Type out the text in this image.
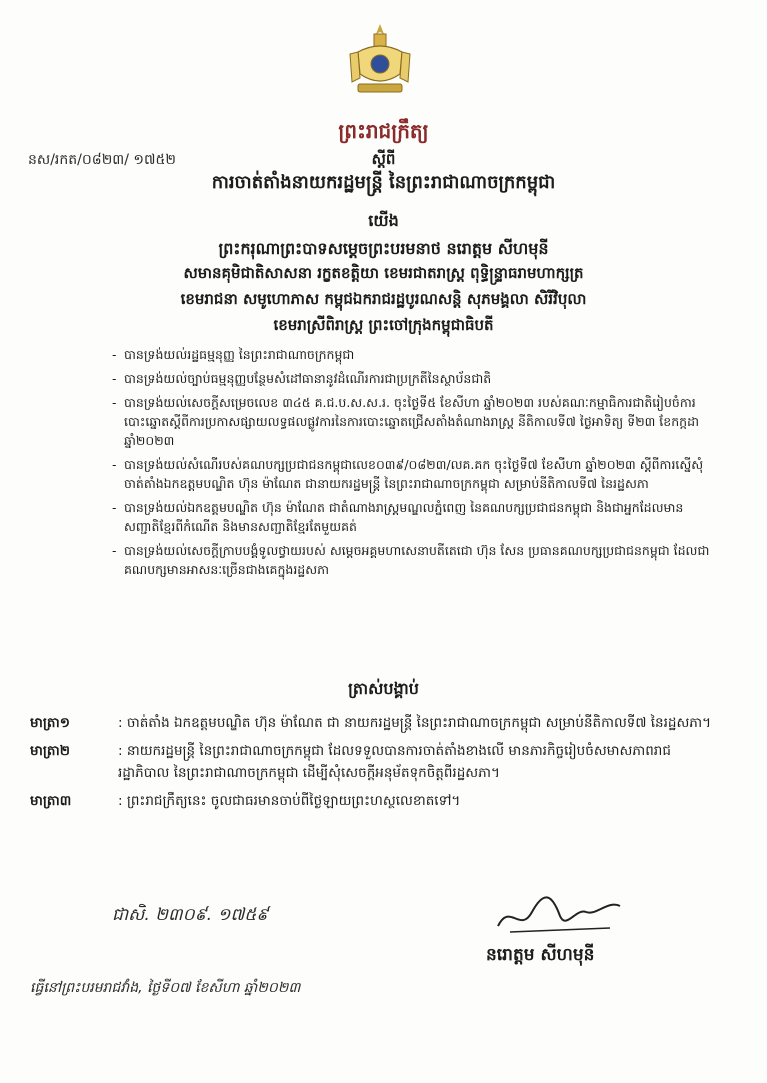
ព្រះរាជក្រឹត្យ
នស/រកត/០៨២៣/ ១៧៥២	ស្ដីពី
ការចាត់តាំងនាយករដ្ឋមន្ត្រី នៃព្រះរាជាណាចក្រកម្ពុជា
យើង
ព្រះករុណាព្រះបាទសម្ដេចព្រះបរមនាថ នរោត្តម សីហមុនី
សមានគុមិជាតិសាសនា រក្ខតខត្តិយា ខេមរជាតរាស្ដ្រ ពុទ្ធិន្ទ្រាធរាមហាក្សត្រ
ខេមរាជនា សមូហោភាស កម្ពុជឯករាជរដ្ឋបូរណសន្តិ សុភមង្គលា សិរីវិបុលា
ខេមរាស្រីពិរាស្ដ្រ ព្រះចៅក្រុងកម្ពុជាធិបតី
- បានទ្រង់យល់រដ្ឋធម្មនុញ្ញ នៃព្រះរាជាណាចក្រកម្ពុជា
- បានទ្រង់យល់ច្បាប់ធម្មនុញ្ញបន្ថែមសំដៅធានានូវដំណើរការជាប្រក្រតីនៃស្ថាប័នជាតិ
- បានទ្រង់យល់សេចក្ដីសម្រេចលេខ ៣៤៥ គ.ជ.ប.ស.ស.រ. ចុះថ្ងៃទី៥ ខែសីហា ឆ្នាំ២០២៣ របស់គណៈកម្មាធិការជាតិរៀបចំការបោះឆ្នោតស្ដីពីការប្រកាសផ្សាយលទ្ធផលផ្លូវការនៃការបោះឆ្នោតជ្រើសតាំងតំណាងរាស្ដ្រ នីតិកាលទី៧ ថ្ងៃអាទិត្យ ទី២៣ ខែកក្កដា ឆ្នាំ២០២៣
- បានទ្រង់យល់សំណើរបស់គណបក្សប្រជាជនកម្ពុជាលេខ០៣៩/០៨២៣/លគ.គក ចុះថ្ងៃទី៧ ខែសីហា ឆ្នាំ២០២៣ ស្ដីពីការស្នើសុំចាត់តាំងឯកឧត្ដមបណ្ឌិត ហ៊ុន ម៉ាណែត ជានាយករដ្ឋមន្ត្រី នៃព្រះរាជាណាចក្រកម្ពុជា សម្រាប់នីតិកាលទី៧ នៃរដ្ឋសភា
- បានទ្រង់យល់ឯកឧត្ដមបណ្ឌិត ហ៊ុន ម៉ាណែត ជាតំណាងរាស្ដ្រមណ្ឌលភ្នំពេញ នៃគណបក្សប្រជាជនកម្ពុជា និងជាអ្នកដែលមានសញ្ជាតិខ្មែរពីកំណើត និងមានសញ្ជាតិខ្មែរតែមួយគត់
- បានទ្រង់យល់សេចក្ដីក្រាបបង្គំទូលថ្វាយរបស់ សម្ដេចអគ្គមហាសេនាបតីតេជោ ហ៊ុន សែន ប្រធានគណបក្សប្រជាជនកម្ពុជា ដែលជាគណបក្សមានអាសនៈច្រើនជាងគេក្នុងរដ្ឋសភា
ត្រាស់បង្គាប់
មាត្រា១	: ចាត់តាំង ឯកឧត្ដមបណ្ឌិត ហ៊ុន ម៉ាណែត ជា នាយករដ្ឋមន្ត្រី នៃព្រះរាជាណាចក្រកម្ពុជា សម្រាប់នីតិកាលទី៧ នៃរដ្ឋសភា។
មាត្រា២	: នាយករដ្ឋមន្ត្រី នៃព្រះរាជាណាចក្រកម្ពុជា ដែលទទួលបានការចាត់តាំងខាងលើ មានភារកិច្ចរៀបចំសមាសភាពរាជរដ្ឋាភិបាល នៃព្រះរាជាណាចក្រកម្ពុជា ដើម្បីសុំសេចក្ដីអនុម័តទុកចិត្តពីរដ្ឋសភា។
មាត្រា៣	: ព្រះរាជក្រឹត្យនេះ ចូលជាធរមានចាប់ពីថ្ងៃឡាយព្រះហស្ថលេខាតទៅ។
ជាសិ. ២៣០៩. ១៧៥៩
នរោត្តម សីហមុនី
ធ្វើនៅព្រះបរមរាជវាំង, ថ្ងៃទី០៧ ខែសីហា ឆ្នាំ២០២៣
